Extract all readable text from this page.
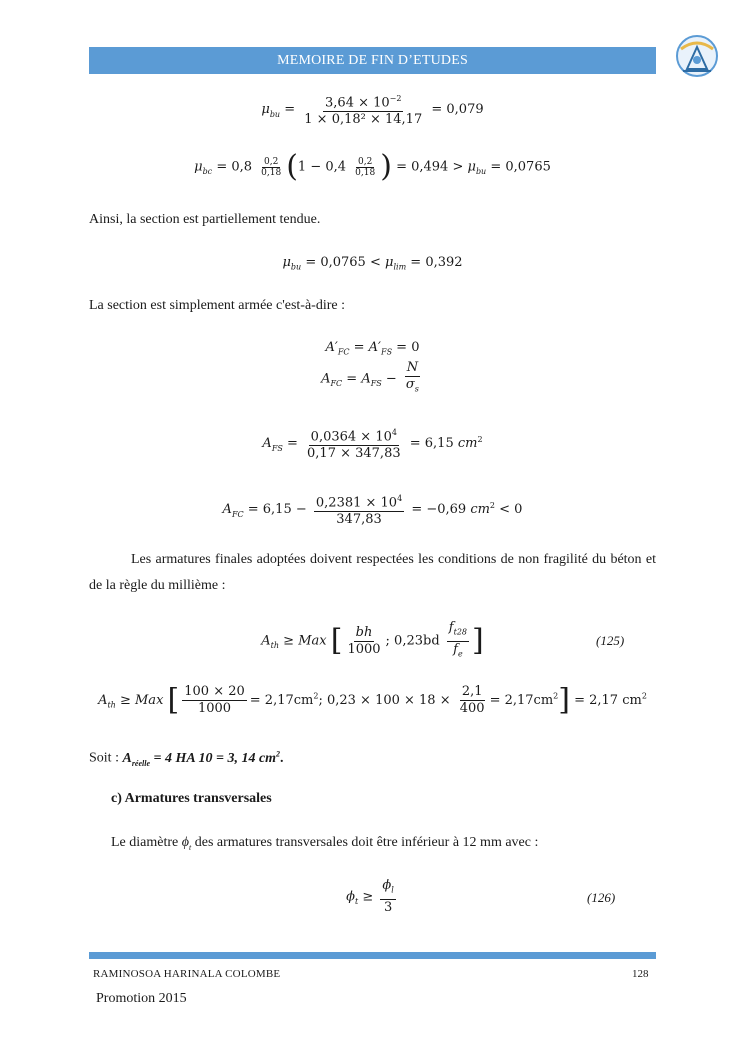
MEMOIRE DE FIN D’ETUDES
$\mu_{bu} = \frac{3,64 \times 10^{-2}}{\text{1 × 0,18² × 14,17}} = 0,079$
$\mu_{bc} = 0,8 \frac{0,2}{0,18} (1 - 0,4 \frac{0,2}{0,18}$ ) = $0,494 > \mu_{bu} = 0,0765$
Ainsi, la section est partiellement tendue.
$\mu_{bu} = 0,0765 < \mu_{lim} = 0,392$
La section est simplement armée c'est-à-dire :
$A'_{FC} = A'_{FS} = 0$
$A_{FC} = A_{FS} - \frac{N}{\sigma_s}$
$A_{FS} = \frac{0,0364 \times 10^4}{0,17 \times 347,83} = 6,15$ $cm^2$
$A_{FC} = 6,15 - \frac{0,2381 \times 10^4}{347,83} = -0,69$ $cm^2 < 0$
Les armatures finales adoptées doivent respectées les conditions de non fragilité du béton et de la règle du millième :
$A_{th}$ ≥ Max [ $\frac{bh}{1000}$ ; $0,23bd \frac{f_{t28}}{f_e}$ ]	(125)
$A_{th}$ ≥ Max [ $\frac{100 \times 20}{1000} = 2,17cm^2$; $0,23 \times 100 \times 18 \times \frac{2,1}{400} = 2,17cm^2] = 2,17$ $cm^2$
Soit : $A_{réelle} = 4$ HA 10 = 3, 14 $cm^2$.
c) Armatures transversales
Le diamètre $\phi_t$ des armatures transversales doit être inférieur à 12 mm avec :
$\phi_t \ge \frac{\phi_l}{3}$	(126)
RAMINOSOA HARINALA COLOMBE	128
Promotion 2015
